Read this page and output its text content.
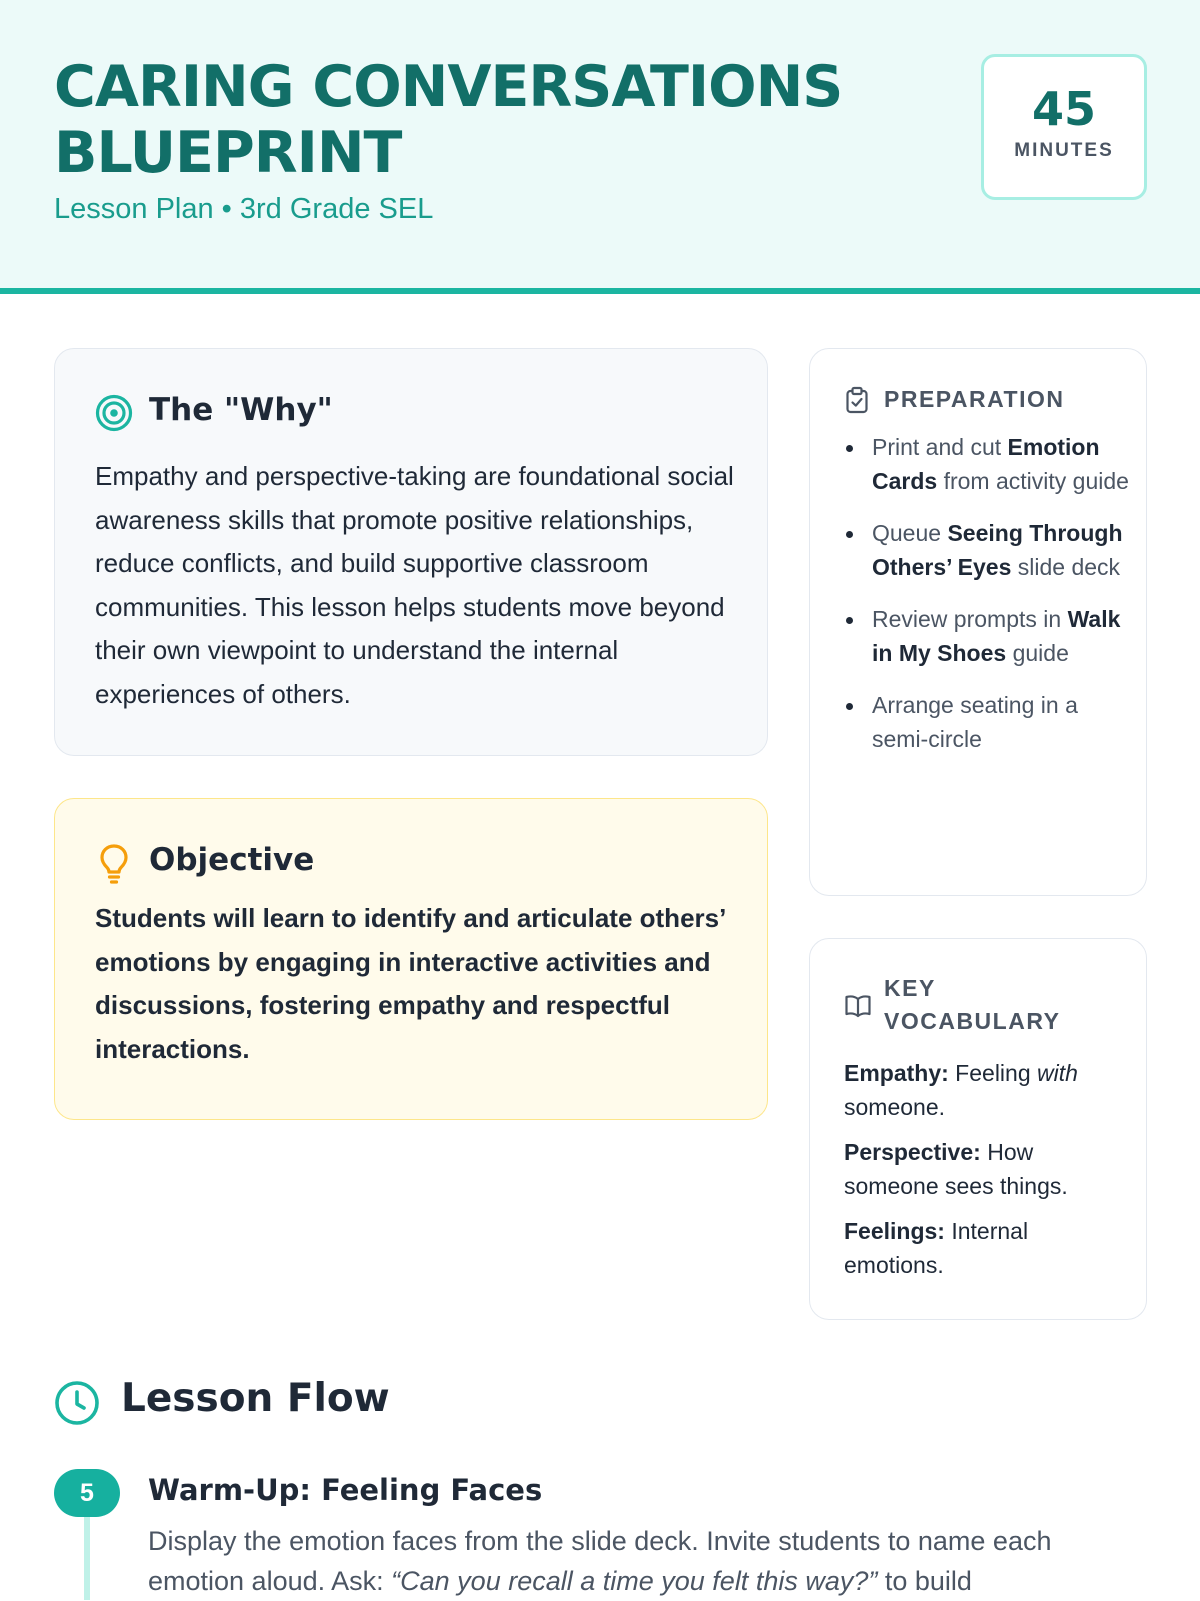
CARING CONVERSATIONS BLUEPRINT
Lesson Plan • 3rd Grade SEL
45
MINUTES
The "Why"
Empathy and perspective-taking are foundational social awareness skills that promote positive relationships, reduce conflicts, and build supportive classroom communities. This lesson helps students move beyond their own viewpoint to understand the internal experiences of others.
Objective
Students will learn to identify and articulate others’ emotions by engaging in interactive activities and discussions, fostering empathy and respectful interactions.
PREPARATION
Print and cut Emotion Cards from activity guide
Queue Seeing Through Others’ Eyes slide deck
Review prompts in Walk in My Shoes guide
Arrange seating in a semi-circle
KEY VOCABULARY
Empathy: Feeling with someone.
Perspective: How someone sees things.
Feelings: Internal emotions.
Lesson Flow
5	Warm-Up: Feeling Faces
Display the emotion faces from the slide deck. Invite students to name each emotion aloud. Ask: “Can you recall a time you felt this way?” to build
